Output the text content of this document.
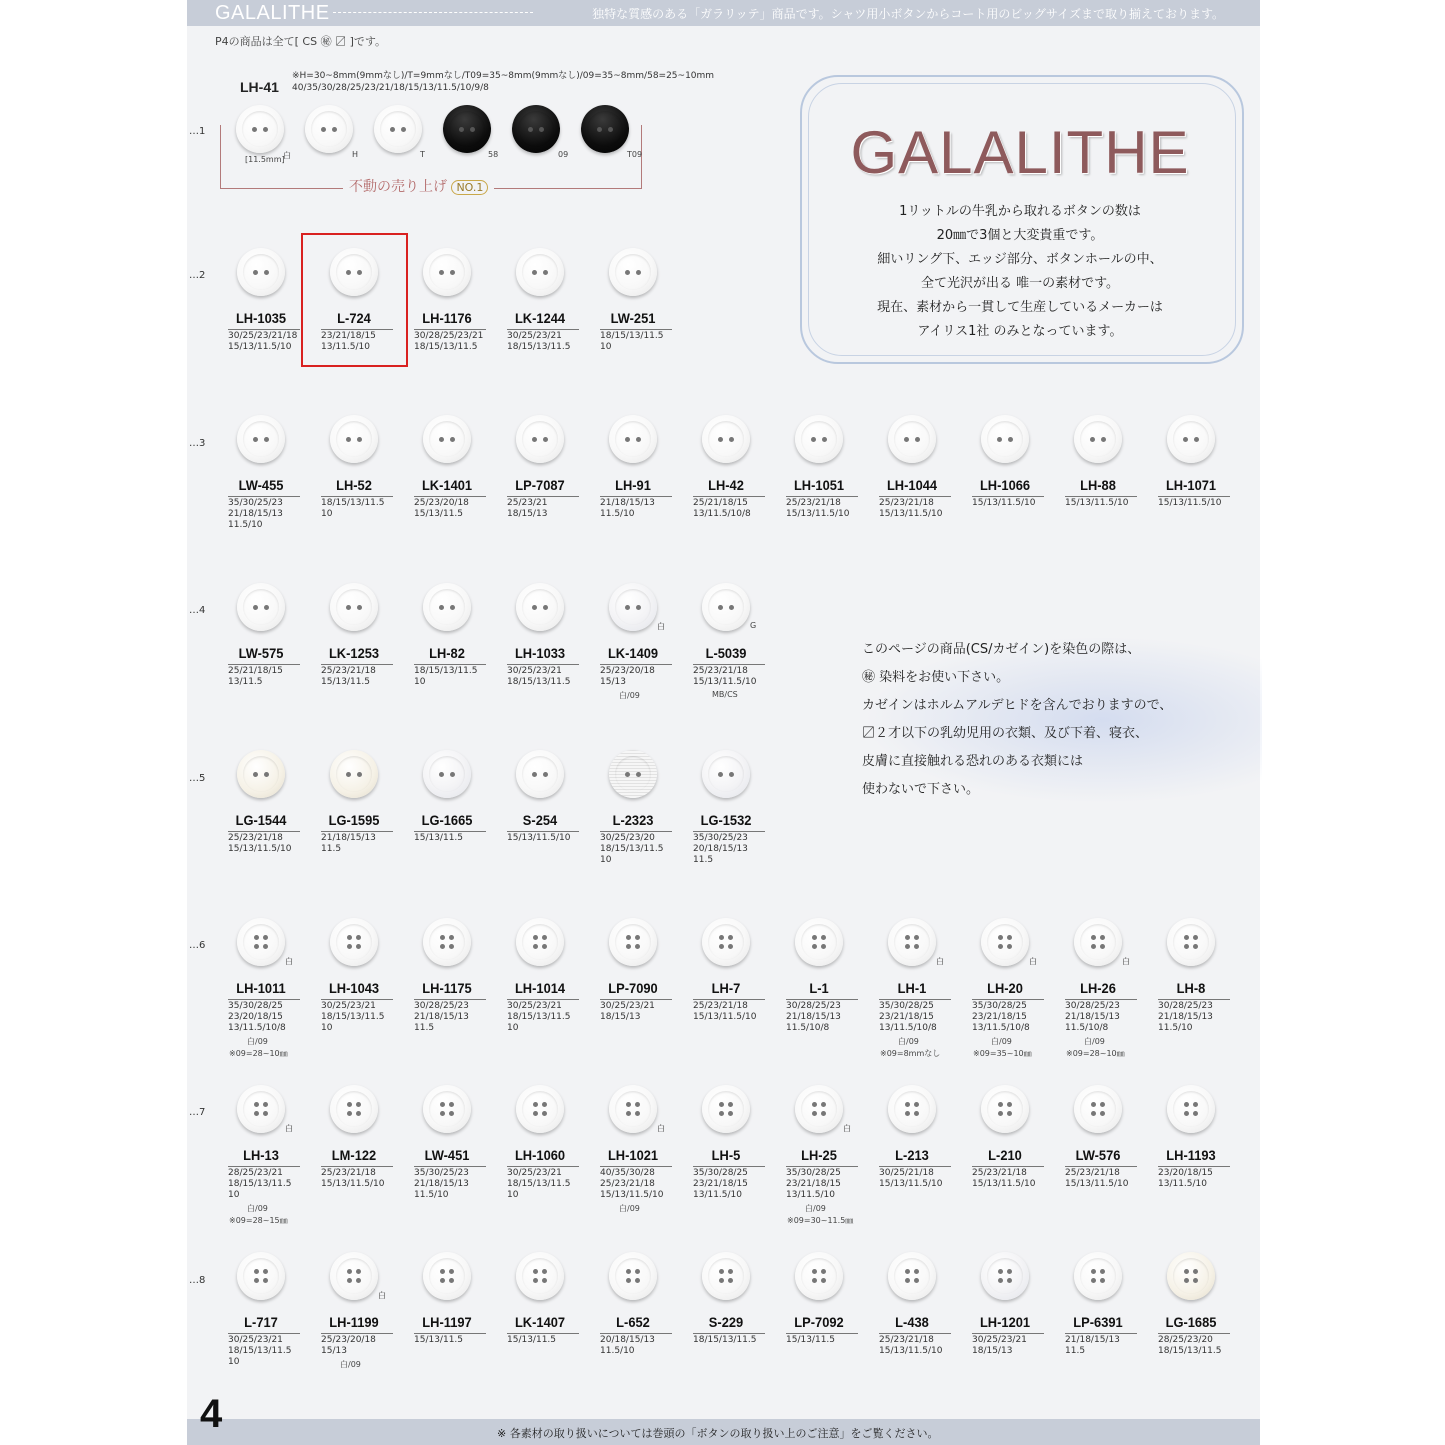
GALALITHE	独特な質感のある「ガラリッテ」商品です。シャツ用小ボタンからコート用のビッグサイズまで取り揃えております。
P4の商品は全て[ CS ㊙ 〼 ]です。
LH-41
※H=30~8mm(9mmなし)/T=9mmなし/T09=35~8mm(9mmなし)/09=35~8mm/58=25~10mm
40/35/30/28/25/23/21/18/15/13/11.5/10/9/8
不動の売り上げ NO.1
[11.5mm]
白	H	T	58	09	T09
…1
…2
…3
…4
…5
…6
…7
…8
LH-1035
30/25/23/21/18
15/13/11.5/10
L-724
23/21/18/15
13/11.5/10
LH-1176
30/28/25/23/21
18/15/13/11.5
LK-1244
30/25/23/21
18/15/13/11.5
LW-251
18/15/13/11.5
10
LW-455
35/30/25/23
21/18/15/13
11.5/10
LH-52
18/15/13/11.5
10
LK-1401
25/23/20/18
15/13/11.5
LP-7087
25/23/21
18/15/13
LH-91
21/18/15/13
11.5/10
LH-42
25/21/18/15
13/11.5/10/8
LH-1051
25/23/21/18
15/13/11.5/10
LH-1044
25/23/21/18
15/13/11.5/10
LH-1066
15/13/11.5/10
LH-88
15/13/11.5/10
LH-1071
15/13/11.5/10
LW-575
25/21/18/15
13/11.5
LK-1253
25/23/21/18
15/13/11.5
LH-82
18/15/13/11.5
10
LH-1033
30/25/23/21
18/15/13/11.5
LK-1409
25/23/20/18
15/13
白
白/09
L-5039
25/23/21/18
15/13/11.5/10
G
MB/CS
LG-1544
25/23/21/18
15/13/11.5/10
LG-1595
21/18/15/13
11.5
LG-1665
15/13/11.5
S-254
15/13/11.5/10
L-2323
30/25/23/20
18/15/13/11.5
10
LG-1532
35/30/25/23
20/18/15/13
11.5
LH-1011
35/30/28/25
23/20/18/15
13/11.5/10/8
白
白/09
※09=28~10㎜
LH-1043
30/25/23/21
18/15/13/11.5
10
LH-1175
30/28/25/23
21/18/15/13
11.5
LH-1014
30/25/23/21
18/15/13/11.5
10
LP-7090
30/25/23/21
18/15/13
LH-7
25/23/21/18
15/13/11.5/10
L-1
30/28/25/23
21/18/15/13
11.5/10/8
LH-1
35/30/28/25
23/21/18/15
13/11.5/10/8
白
白/09
※09=8mmなし
LH-20
35/30/28/25
23/21/18/15
13/11.5/10/8
白
白/09
※09=35~10㎜
LH-26
30/28/25/23
21/18/15/13
11.5/10/8
白
白/09
※09=28~10㎜
LH-8
30/28/25/23
21/18/15/13
11.5/10
LH-13
28/25/23/21
18/15/13/11.5
10
白
白/09
※09=28~15㎜
LM-122
25/23/21/18
15/13/11.5/10
LW-451
35/30/25/23
21/18/15/13
11.5/10
LH-1060
30/25/23/21
18/15/13/11.5
10
LH-1021
40/35/30/28
25/23/21/18
15/13/11.5/10
白
白/09
LH-5
35/30/28/25
23/21/18/15
13/11.5/10
LH-25
35/30/28/25
23/21/18/15
13/11.5/10
白
白/09
※09=30~11.5㎜
L-213
30/25/21/18
15/13/11.5/10
L-210
25/23/21/18
15/13/11.5/10
LW-576
25/23/21/18
15/13/11.5/10
LH-1193
23/20/18/15
13/11.5/10
L-717
30/25/23/21
18/15/13/11.5
10
LH-1199
25/23/20/18
15/13
白
白/09
LH-1197
15/13/11.5
LK-1407
15/13/11.5
L-652
20/18/15/13
11.5/10
S-229
18/15/13/11.5
LP-7092
15/13/11.5
L-438
25/23/21/18
15/13/11.5/10
LH-1201
30/25/23/21
18/15/13
LP-6391
21/18/15/13
11.5
LG-1685
28/25/23/20
18/15/13/11.5
GALALITHE
1リットルの牛乳から取れるボタンの数は
20㎜で3個と大変貴重です。
細いリング下、エッジ部分、ボタンホールの中、
全て光沢が出る 唯一の素材です。
現在、素材から一貫して生産しているメーカーは
アイリス1社 のみとなっています。
このページの商品(CS/カゼイン)を染色の際は、
㊙ 染料をお使い下さい。
カゼインはホルムアルデヒドを含んでおりますので、
〼２才以下の乳幼児用の衣類、及び下着、寝衣、
皮膚に直接触れる恐れのある衣類には
使わないで下さい。
4	※ 各素材の取り扱いについては巻頭の「ボタンの取り扱い上のご注意」をご覧ください。
